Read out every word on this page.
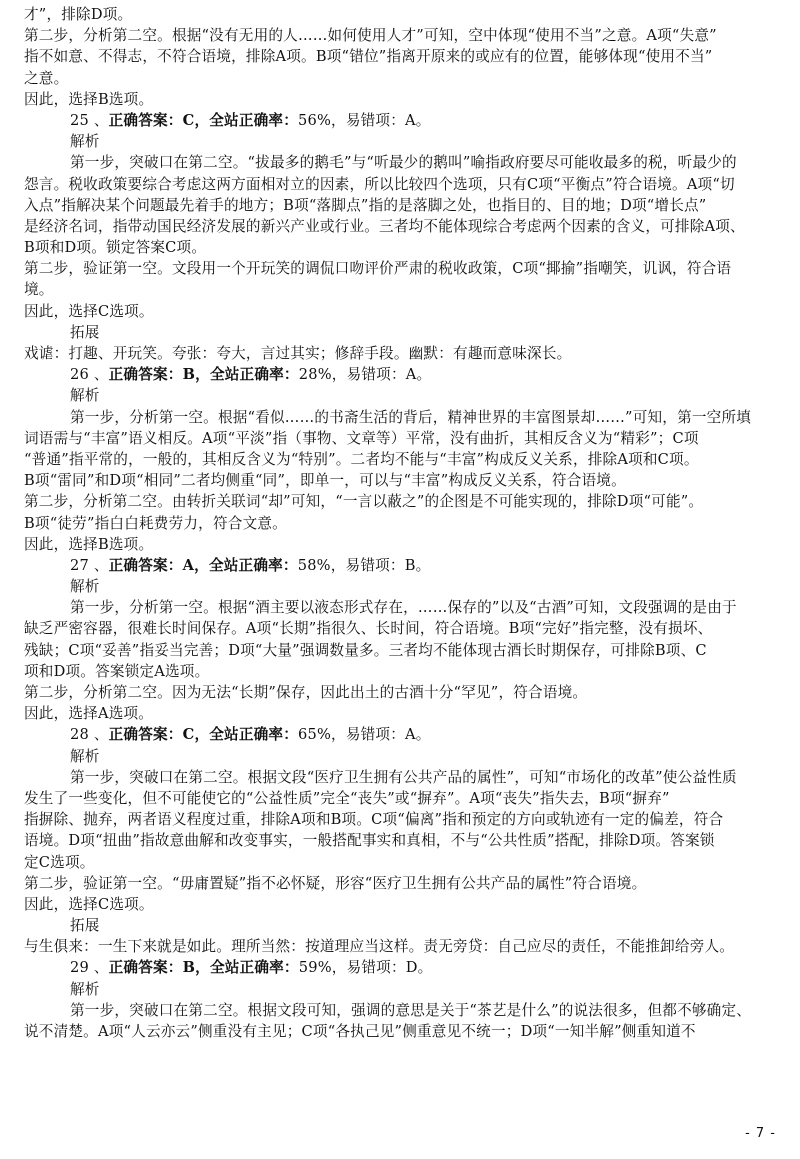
才”，排除D项。
第二步，分析第二空。根据“没有无用的人……如何使用人才”可知，空中体现“使用不当”之意。A项“失意”
指不如意、不得志，不符合语境，排除A项。B项“错位”指离开原来的或应有的位置，能够体现“使用不当”
之意。
因此，选择B选项。
25 、正确答案：C，全站正确率：56%，易错项：A。
解析
第一步，突破口在第二空。“拔最多的鹅毛”与“听最少的鹅叫”喻指政府要尽可能收最多的税，听最少的
怨言。税收政策要综合考虑这两方面相对立的因素，所以比较四个选项，只有C项“平衡点”符合语境。A项“切
入点”指解决某个问题最先着手的地方；B项“落脚点”指的是落脚之处，也指目的、目的地；D项“增长点”
是经济名词，指带动国民经济发展的新兴产业或行业。三者均不能体现综合考虑两个因素的含义，可排除A项、
B项和D项。锁定答案C项。
第二步，验证第一空。文段用一个开玩笑的调侃口吻评价严肃的税收政策，C项“揶揄”指嘲笑，讥讽，符合语
境。
因此，选择C选项。
拓展
戏谑：打趣、开玩笑。夸张：夸大，言过其实；修辞手段。幽默：有趣而意味深长。
26 、正确答案：B，全站正确率：28%，易错项：A。
解析
第一步，分析第一空。根据“看似……的书斋生活的背后，精神世界的丰富图景却……”可知，第一空所填
词语需与“丰富”语义相反。A项“平淡”指（事物、文章等）平常，没有曲折，其相反含义为“精彩”；C项
“普通”指平常的，一般的，其相反含义为“特别”。二者均不能与“丰富”构成反义关系，排除A项和C项。
B项“雷同”和D项“相同”二者均侧重“同”，即单一，可以与“丰富”构成反义关系，符合语境。
第二步，分析第二空。由转折关联词“却”可知，“一言以蔽之”的企图是不可能实现的，排除D项“可能”。
B项“徒劳”指白白耗费劳力，符合文意。
因此，选择B选项。
27 、正确答案：A，全站正确率：58%，易错项：B。
解析
第一步，分析第一空。根据“酒主要以液态形式存在，……保存的”以及“古酒”可知，文段强调的是由于
缺乏严密容器，很难长时间保存。A项“长期”指很久、长时间，符合语境。B项“完好”指完整，没有损坏、
残缺；C项“妥善”指妥当完善；D项“大量”强调数量多。三者均不能体现古酒长时期保存，可排除B项、C
项和D项。答案锁定A选项。
第二步，分析第二空。因为无法“长期”保存，因此出土的古酒十分“罕见”，符合语境。
因此，选择A选项。
28 、正确答案：C，全站正确率：65%，易错项：A。
解析
第一步，突破口在第二空。根据文段“医疗卫生拥有公共产品的属性”，可知“市场化的改革”使公益性质
发生了一些变化，但不可能使它的“公益性质”完全“丧失”或“摒弃”。A项“丧失”指失去，B项“摒弃”
指摒除、抛弃，两者语义程度过重，排除A项和B项。C项“偏离”指和预定的方向或轨迹有一定的偏差，符合
语境。D项“扭曲”指故意曲解和改变事实，一般搭配事实和真相，不与“公共性质”搭配，排除D项。答案锁
定C选项。
第二步，验证第一空。“毋庸置疑”指不必怀疑，形容“医疗卫生拥有公共产品的属性”符合语境。
因此，选择C选项。
拓展
与生俱来：一生下来就是如此。理所当然：按道理应当这样。责无旁贷：自己应尽的责任，不能推卸给旁人。
29 、正确答案：B，全站正确率：59%，易错项：D。
解析
第一步，突破口在第二空。根据文段可知，强调的意思是关于“茶艺是什么”的说法很多，但都不够确定、
说不清楚。A项“人云亦云”侧重没有主见；C项“各执己见”侧重意见不统一；D项“一知半解”侧重知道不
- 7 -
